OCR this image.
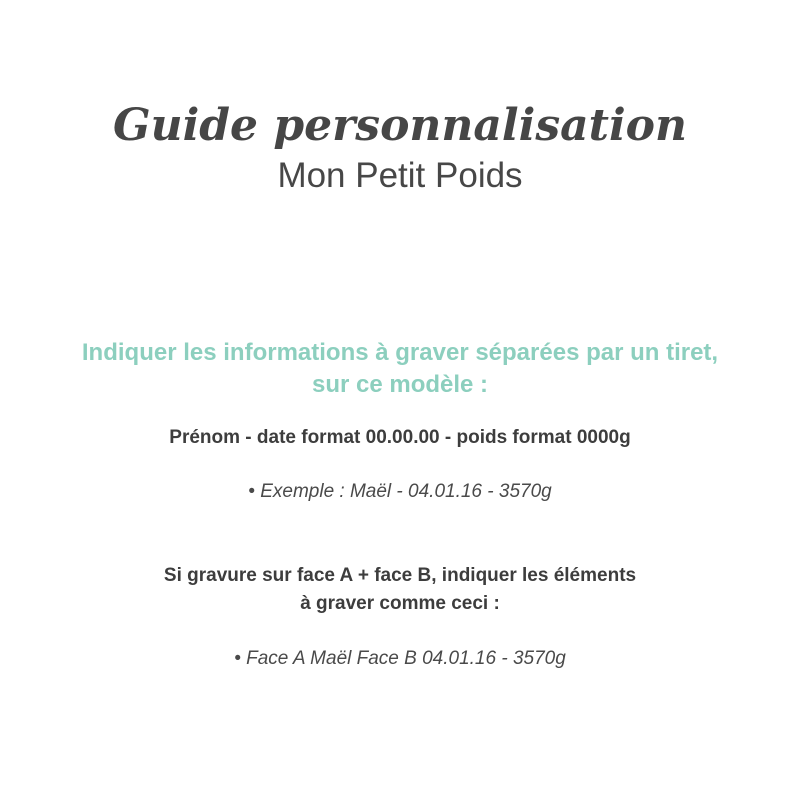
Guide personnalisation
Mon Petit Poids
Indiquer les informations à graver séparées par un tiret,
sur ce modèle :
Prénom - date format 00.00.00 - poids format 0000g
• Exemple : Maël - 04.01.16 - 3570g
Si gravure sur face A + face B, indiquer les éléments
à graver comme ceci :
• Face A Maël Face B 04.01.16 - 3570g
